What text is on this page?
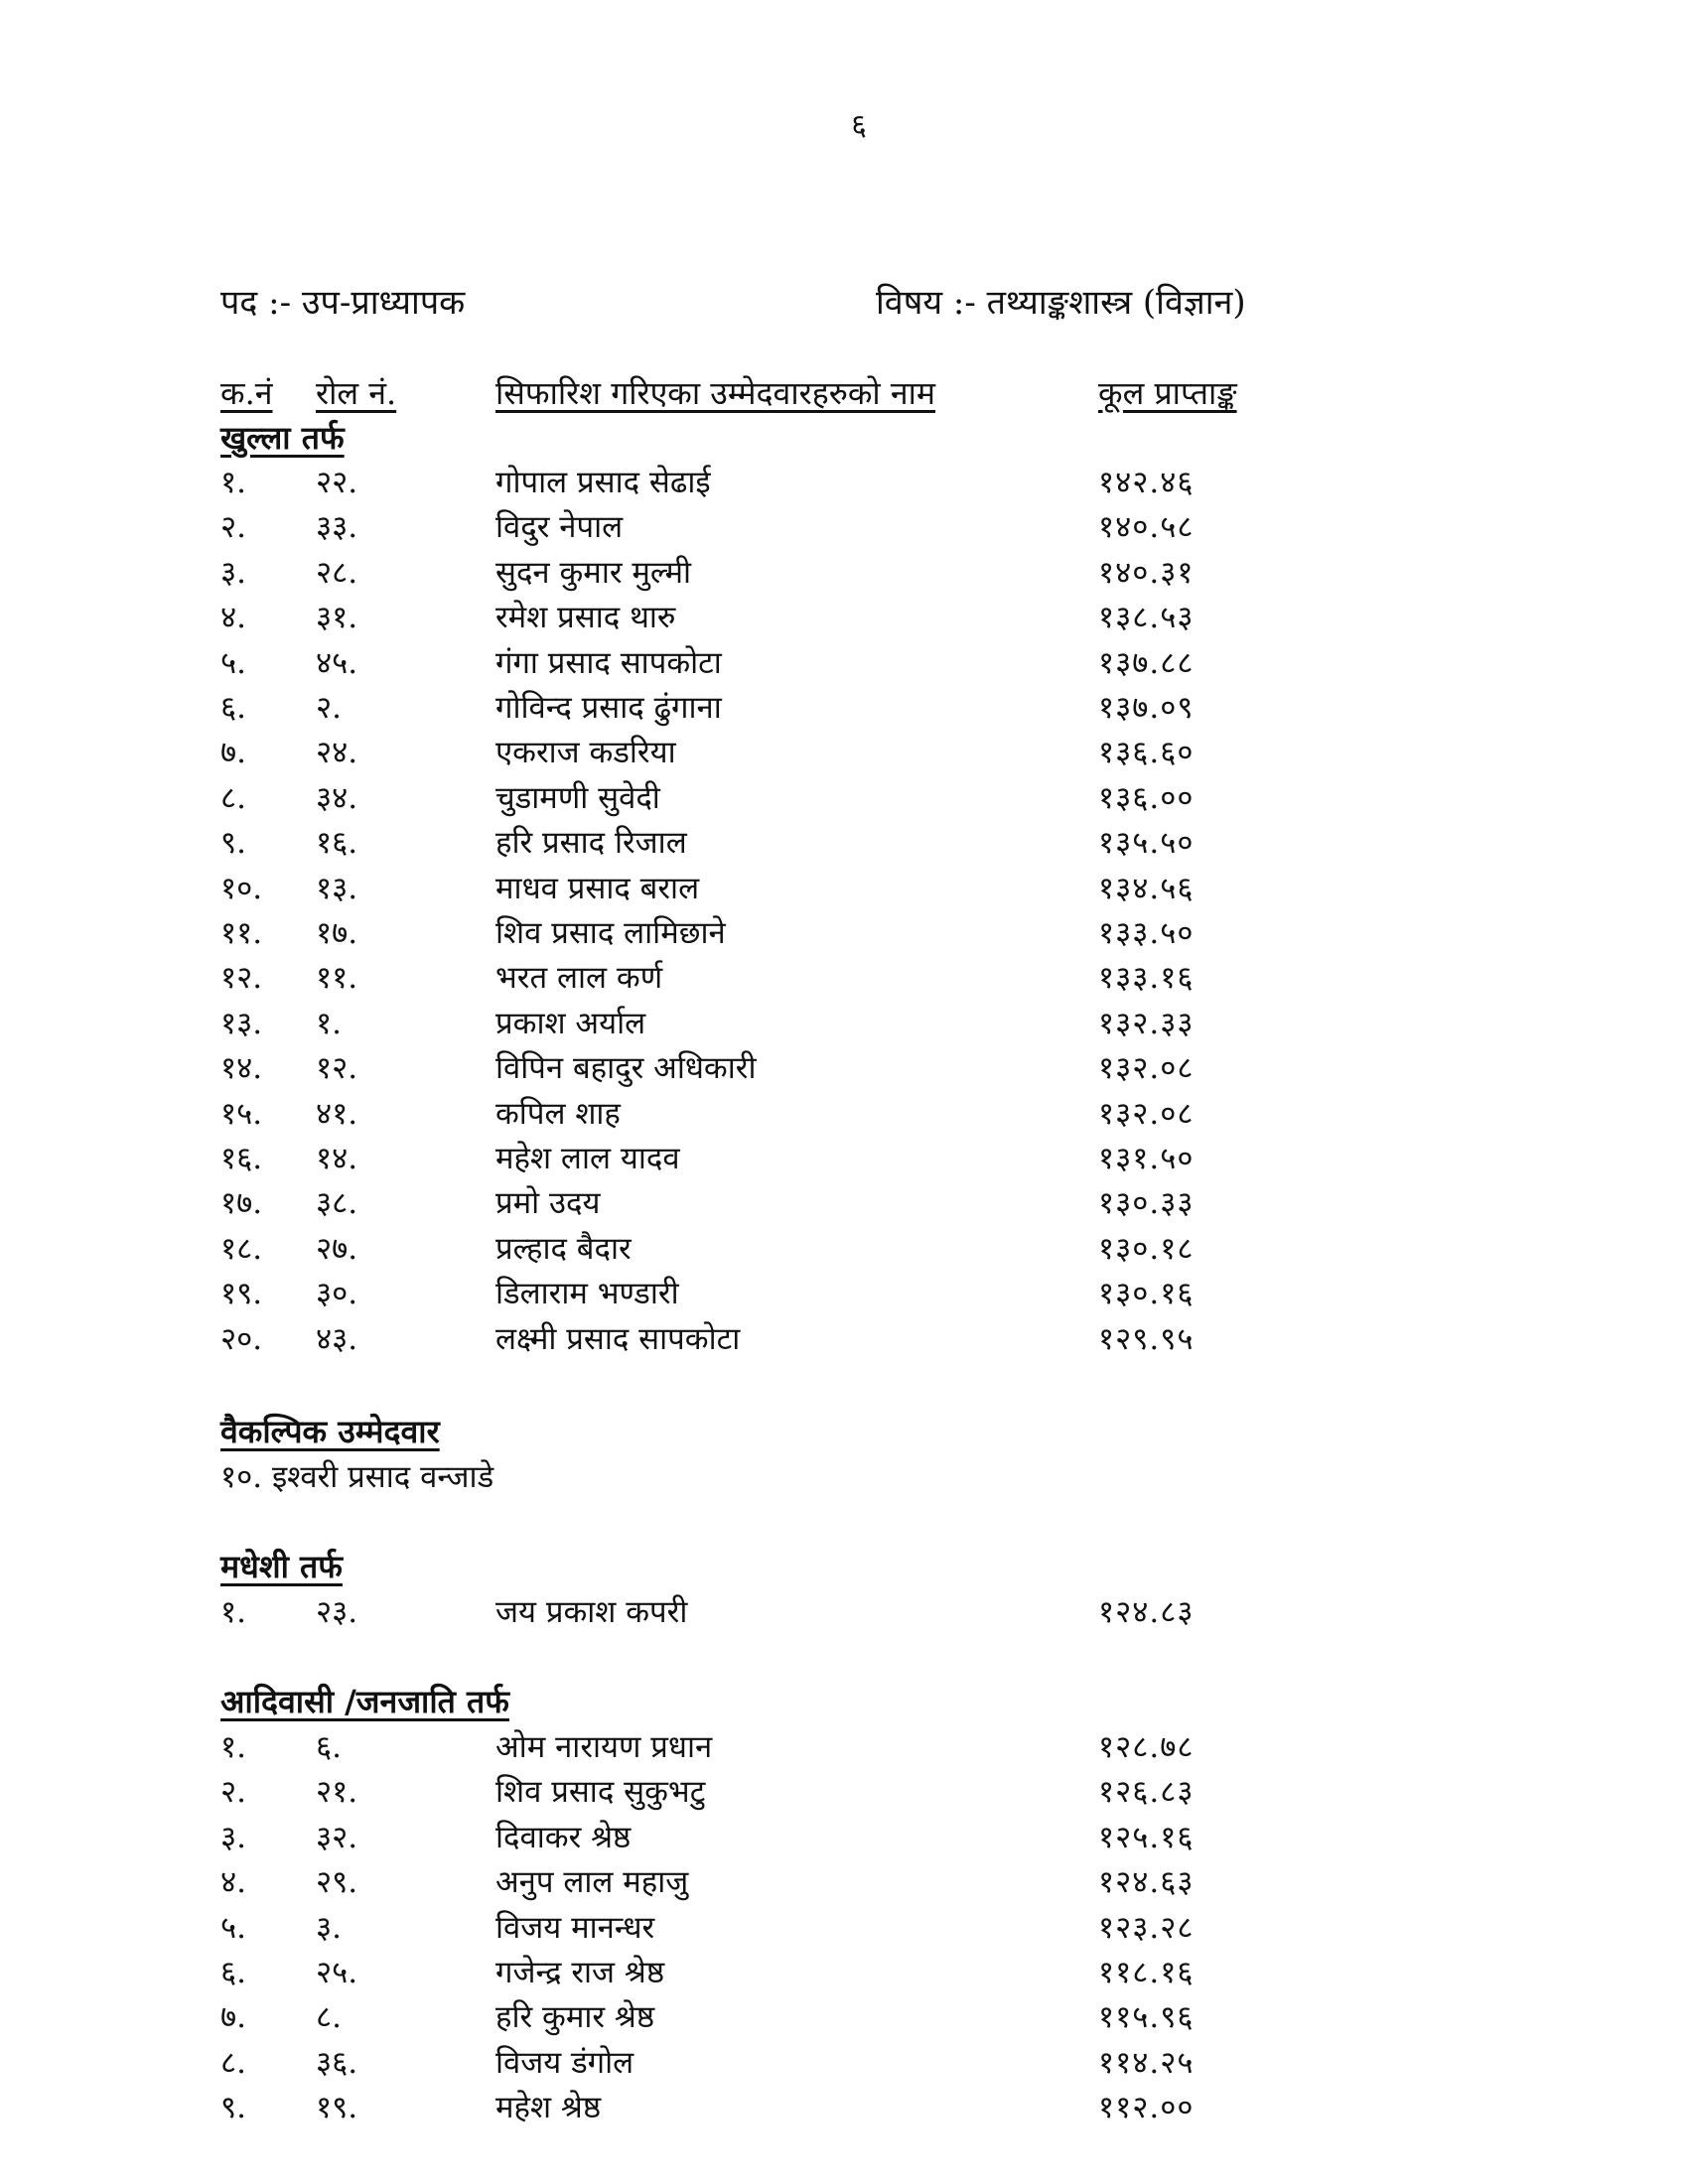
६
पद :- उप-प्राध्यापक	विषय :- तथ्याङ्कशास्त्र (विज्ञान)
क.नं रोल नं.	सिफारिश गरिएका उम्मेदवारहरुको नाम	कूल प्राप्ताङ्क
खुल्ला तर्फ
१. २२.	गोपाल प्रसाद सेढाई	१४२.४६
२. ३३.	विदुर नेपाल	१४०.५८
३. २८.	सुदन कुमार मुल्मी	१४०.३१
४. ३१.	रमेश प्रसाद थारु	१३८.५३
५. ४५.	गंगा प्रसाद सापकोटा	१३७.८८
६. २.	गोविन्द प्रसाद ढुंगाना	१३७.०९
७. २४.	एकराज कडरिया	१३६.६०
८. ३४.	चुडामणी सुवेदी	१३६.००
९. १६.	हरि प्रसाद रिजाल	१३५.५०
१०. १३.	माधव प्रसाद बराल	१३४.५६
११. १७.	शिव प्रसाद लामिछाने	१३३.५०
१२. ११.	भरत लाल कर्ण	१३३.१६
१३. १.	प्रकाश अर्याल	१३२.३३
१४. १२.	विपिन बहादुर अधिकारी	१३२.०८
१५. ४१.	कपिल शाह	१३२.०८
१६. १४.	महेश लाल यादव	१३१.५०
१७. ३८.	प्रमो उदय	१३०.३३
१८. २७.	प्रल्हाद बैदार	१३०.१८
१९. ३०.	डिलाराम भण्डारी	१३०.१६
२०. ४३.	लक्ष्मी प्रसाद सापकोटा	१२९.९५
वैकल्पिक उम्मेदवार
१०. इश्वरी प्रसाद वन्जाडे
मधेशी तर्फ
१. २३.	जय प्रकाश कपरी	१२४.८३
आदिवासी /जनजाति तर्फ
१. ६.	ओम नारायण प्रधान	१२८.७८
२. २१.	शिव प्रसाद सुकुभटु	१२६.८३
३. ३२.	दिवाकर श्रेष्ठ	१२५.१६
४. २९.	अनुप लाल महाजु	१२४.६३
५. ३.	विजय मानन्धर	१२३.२८
६. २५.	गजेन्द्र राज श्रेष्ठ	११८.१६
७. ८.	हरि कुमार श्रेष्ठ	११५.९६
८. ३६.	विजय डंगोल	११४.२५
९. १९.	महेश श्रेष्ठ	११२.००
